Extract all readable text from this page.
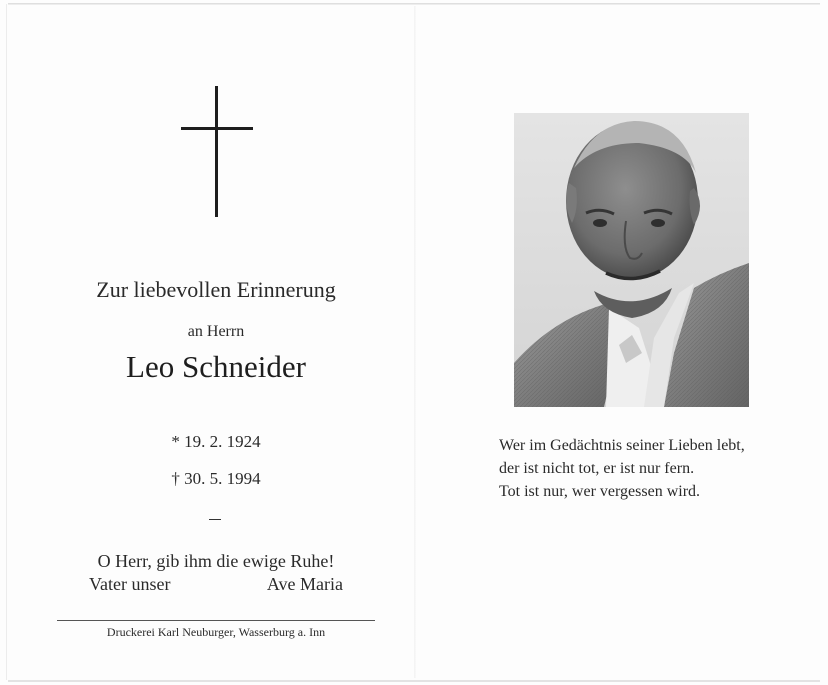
Zur liebevollen Erinnerung
an Herrn
Leo Schneider
* 19. 2. 1924
† 30. 5. 1994
O Herr, gib ihm die ewige Ruhe!
Vater unser	Ave Maria
Druckerei Karl Neuburger, Wasserburg a. Inn
Wer im Gedächtnis seiner Lieben lebt,
der ist nicht tot, er ist nur fern.
Tot ist nur, wer vergessen wird.
